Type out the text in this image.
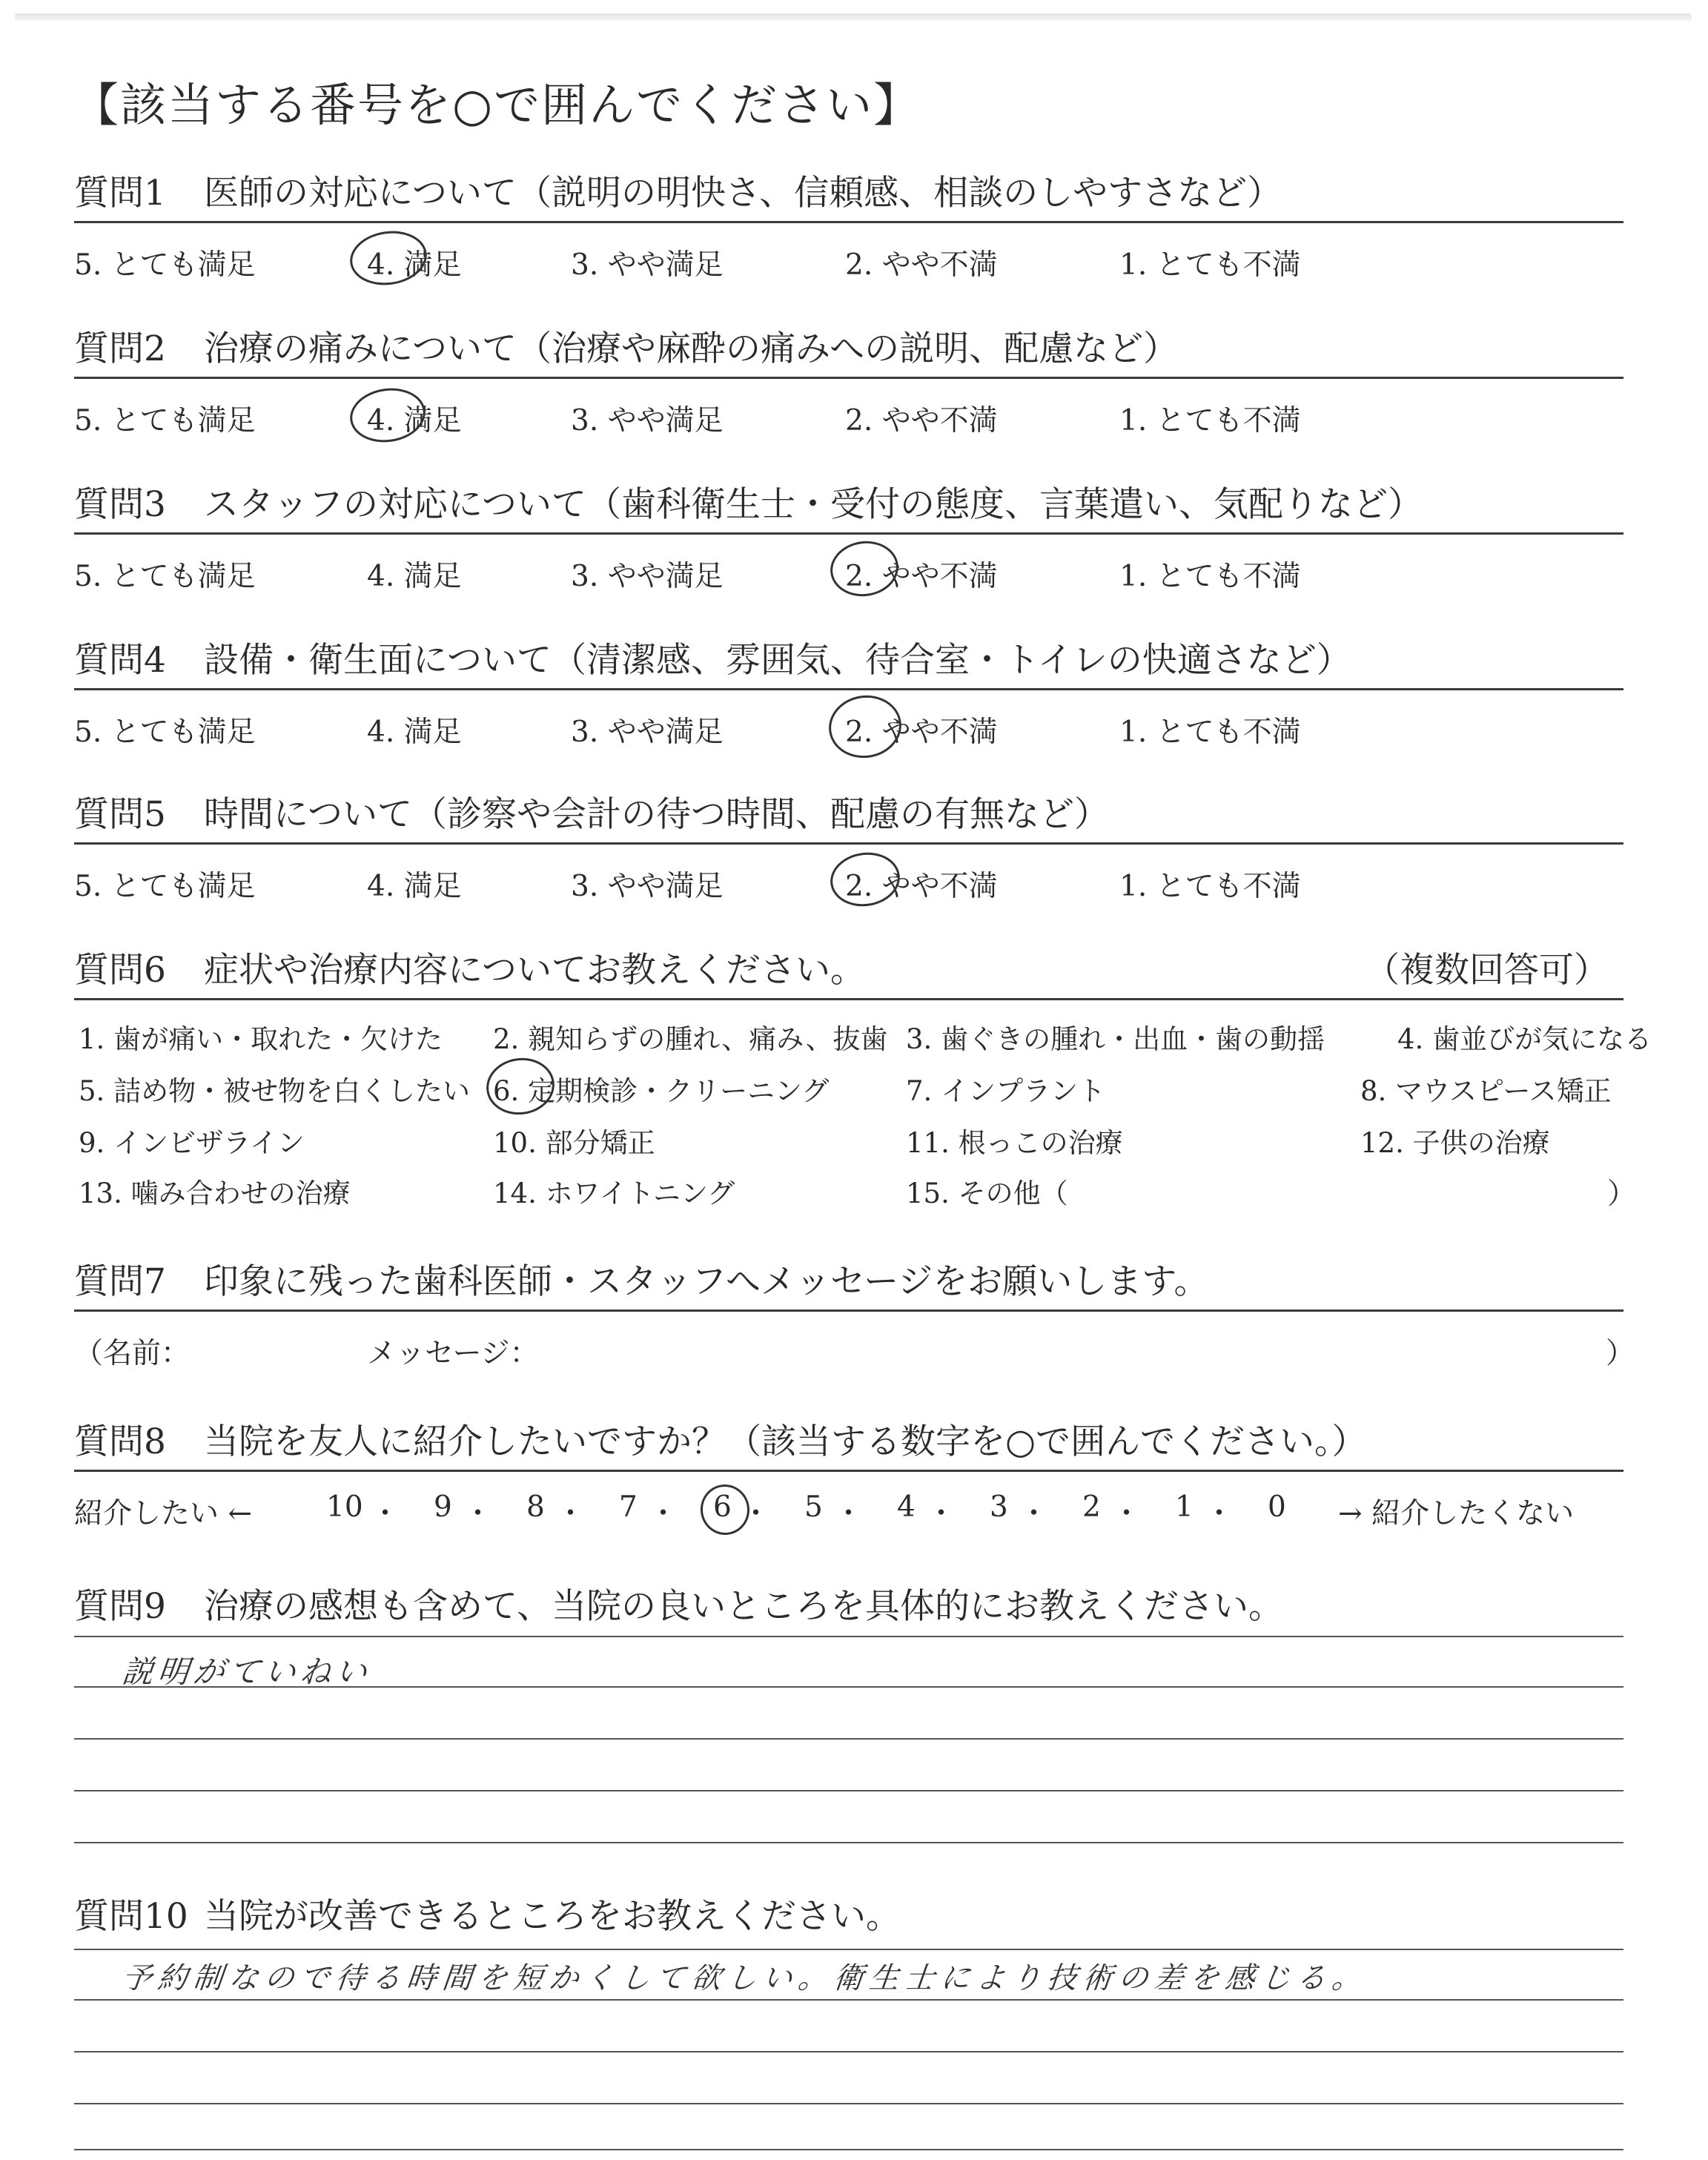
【該当する番号を○で囲んでください】
質問1 医師の対応について（説明の明快さ、信頼感、相談のしやすさなど）
5. とても満足	4. 満足	3. やや満足	2. やや不満	1. とても不満
質問2 治療の痛みについて（治療や麻酔の痛みへの説明、配慮など）
5. とても満足	4. 満足	3. やや満足	2. やや不満	1. とても不満
質問3 スタッフの対応について（歯科衛生士・受付の態度、言葉遣い、気配りなど）
5. とても満足	4. 満足	3. やや満足	2. やや不満	1. とても不満
質問4 設備・衛生面について（清潔感、雰囲気、待合室・トイレの快適さなど）
5. とても満足	4. 満足	3. やや満足	2. やや不満	1. とても不満
質問5 時間について（診察や会計の待つ時間、配慮の有無など）
5. とても満足	4. 満足	3. やや満足	2. やや不満	1. とても不満
質問6 症状や治療内容についてお教えください。	（複数回答可）
1. 歯が痛い・取れた・欠けた 2. 親知らずの腫れ、痛み、抜歯 3. 歯ぐきの腫れ・出血・歯の動揺	4. 歯並びが気になる
5. 詰め物・被せ物を白くしたい 6. 定期検診・クリーニング	7. インプラント	8. マウスピース矯正
9. インビザライン	10. 部分矯正	11. 根っこの治療	12. 子供の治療
13. 噛み合わせの治療	14. ホワイトニング	15. その他（	）
質問7 印象に残った歯科医師・スタッフへメッセージをお願いします。
（名前：	メッセージ：	）
質問8 当院を友人に紹介したいですか？（該当する数字を○で囲んでください。）
紹介したい ←	10 ・ 9 ・ 8 ・ 7 ・ 6 ・ 5 ・ 4 ・ 3 ・ 2 ・ 1 ・ 0 → 紹介したくない
質問9 治療の感想も含めて、当院の良いところを具体的にお教えください。
説明がていねい
質問10 当院が改善できるところをお教えください。
予約制なので待る時間を短かくして欲しい。衛生士により技術の差を感じる。
